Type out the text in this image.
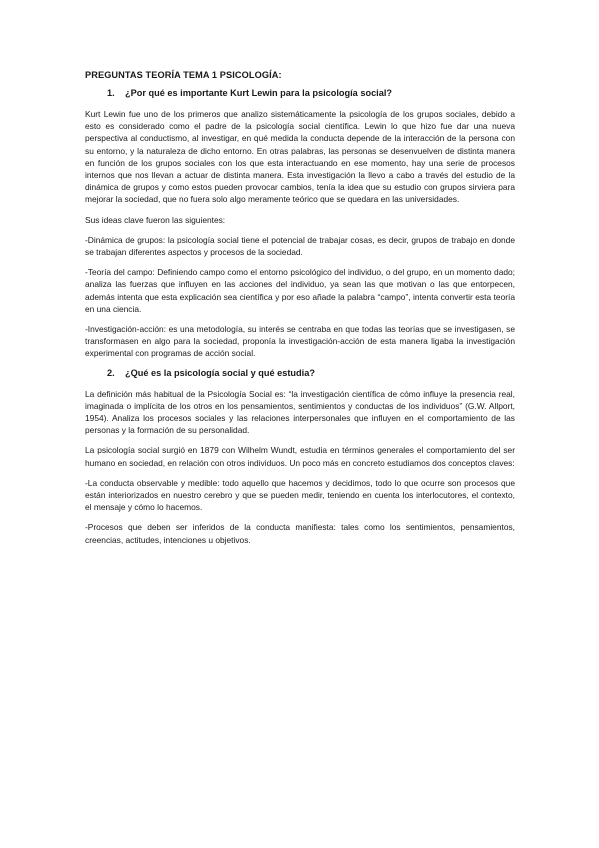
PREGUNTAS TEORÍA TEMA 1 PSICOLOGÍA:
1.	¿Por qué es importante Kurt Lewin para la psicología social?

Kurt Lewin fue uno de los primeros que analizo sistemáticamente la psicología de los grupos sociales, debido a esto es considerado como el padre de la psicología social científica. Lewin lo que hizo fue dar una nueva perspectiva al conductismo, al investigar, en qué medida la conducta depende de la interacción de la persona con su entorno, y la naturaleza de dicho entorno. En otras palabras, las personas se desenvuelven de distinta manera en función de los grupos sociales con los que esta interactuando en ese momento, hay una serie de procesos internos que nos llevan a actuar de distinta manera. Esta investigación la llevo a cabo a través del estudio de la dinámica de grupos y como estos pueden provocar cambios, tenía la idea que su estudio con grupos sirviera para mejorar la sociedad, que no fuera solo algo meramente teórico que se quedara en las universidades.

Sus ideas clave fueron las siguientes:

-Dinámica de grupos: la psicología social tiene el potencial de trabajar cosas, es decir, grupos de trabajo en donde se trabajan diferentes aspectos y procesos de la sociedad.

-Teoría del campo: Definiendo campo como el entorno psicológico del individuo, o del grupo, en un momento dado; analiza las fuerzas que influyen en las acciones del individuo, ya sean las que motivan o las que entorpecen, además intenta que esta explicación sea científica y por eso añade la palabra “campo”, intenta convertir esta teoría en una ciencia.

-Investigación-acción: es una metodología, su interés se centraba en que todas las teorías que se investigasen, se transformasen en algo para la sociedad, proponía la investigación-acción de esta manera ligaba la investigación experimental con programas de acción social.

2.	¿Qué es la psicología social y qué estudia?

La definición más habitual de la Psicología Social es: “la investigación científica de cómo influye la presencia real, imaginada o implícita de los otros en los pensamientos, sentimientos y conductas de los individuos” (G.W. Allport, 1954). Analiza los procesos sociales y las relaciones interpersonales que influyen en el comportamiento de las personas y la formación de su personalidad.

La psicología social surgió en 1879 con Wilhelm Wundt, estudia en términos generales el comportamiento del ser humano en sociedad, en relación con otros individuos. Un poco más en concreto estudiamos dos conceptos claves:

-La conducta observable y medible: todo aquello que hacemos y decidimos, todo lo que ocurre son procesos que están interiorizados en nuestro cerebro y que se pueden medir, teniendo en cuenta los interlocutores, el contexto, el mensaje y cómo lo hacemos.

-Procesos que deben ser inferidos de la conducta manifiesta: tales como los sentimientos, pensamientos, creencias, actitudes, intenciones u objetivos.
